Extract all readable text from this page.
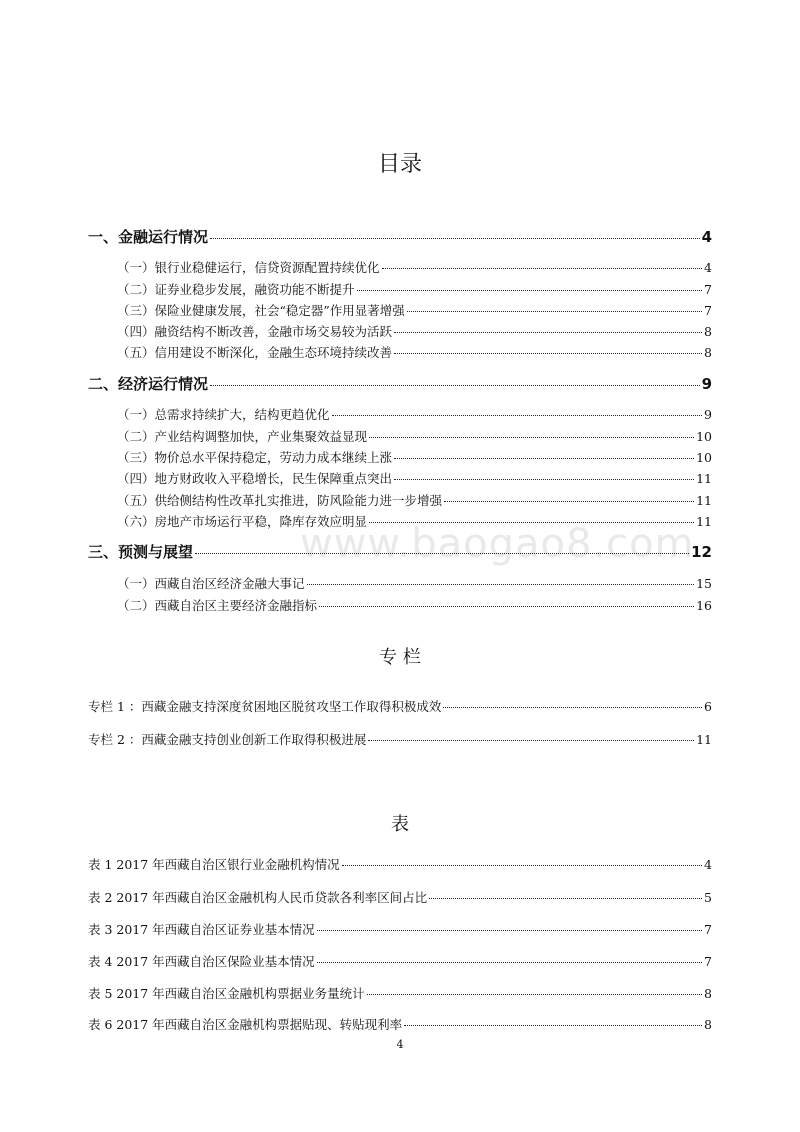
www.baogao8.com
目录
一、金融运行情况	4
（一）银行业稳健运行，信贷资源配置持续优化	4
（二）证券业稳步发展，融资功能不断提升	7
（三）保险业健康发展，社会“稳定器”作用显著增强	7
（四）融资结构不断改善，金融市场交易较为活跃	8
（五）信用建设不断深化，金融生态环境持续改善	8
二、经济运行情况	9
（一）总需求持续扩大，结构更趋优化	9
（二）产业结构调整加快，产业集聚效益显现	10
（三）物价总水平保持稳定，劳动力成本继续上涨	10
（四）地方财政收入平稳增长，民生保障重点突出	11
（五）供给侧结构性改革扎实推进，防风险能力进一步增强	11
（六）房地产市场运行平稳，降库存效应明显	11
三、预测与展望	12
（一）西藏自治区经济金融大事记	15
（二）西藏自治区主要经济金融指标	16
专 栏
专栏 1 ：西藏金融支持深度贫困地区脱贫攻坚工作取得积极成效	6
专栏 2 ：西藏金融支持创业创新工作取得积极进展	11
表
表 1 2017 年西藏自治区银行业金融机构情况	4
表 2 2017 年西藏自治区金融机构人民币贷款各利率区间占比	5
表 3 2017 年西藏自治区证券业基本情况	7
表 4 2017 年西藏自治区保险业基本情况	7
表 5 2017 年西藏自治区金融机构票据业务量统计	8
表 6 2017 年西藏自治区金融机构票据贴现、转贴现利率	8
4
